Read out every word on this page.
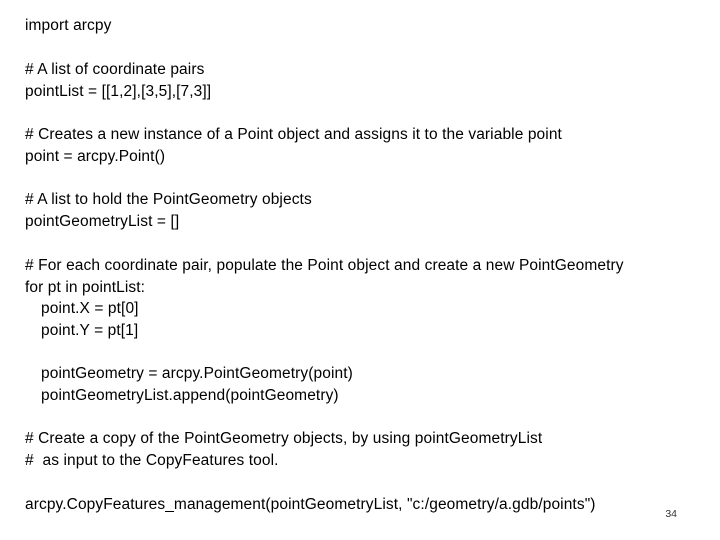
import arcpy
# A list of coordinate pairs
pointList = [[1,2],[3,5],[7,3]]
# Creates a new instance of a Point object and assigns it to the variable point
point = arcpy.Point()
# A list to hold the PointGeometry objects
pointGeometryList = []
# For each coordinate pair, populate the Point object and create a new PointGeometry
for pt in pointList:
point.X = pt[0]
point.Y = pt[1]
pointGeometry = arcpy.PointGeometry(point)
pointGeometryList.append(pointGeometry)
# Create a copy of the PointGeometry objects, by using pointGeometryList
#  as input to the CopyFeatures tool.
arcpy.CopyFeatures_management(pointGeometryList, "c:/geometry/a.gdb/points")
34
